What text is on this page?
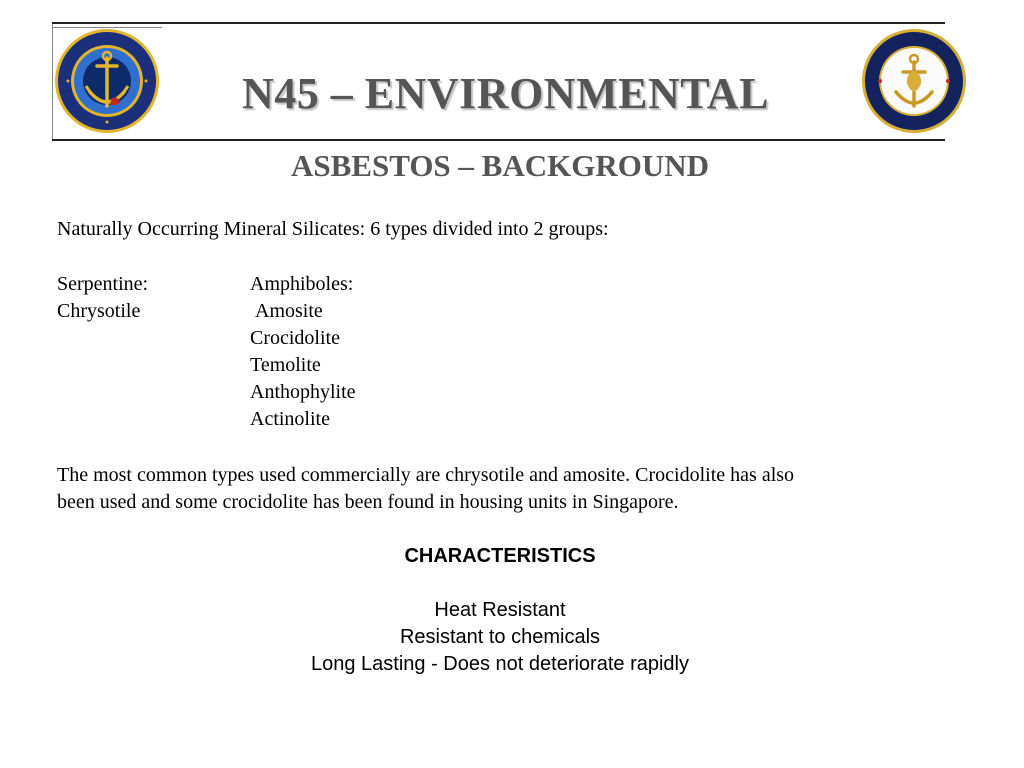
N45 – ENVIRONMENTAL
ASBESTOS – BACKGROUND
Naturally Occurring Mineral Silicates: 6 types divided into 2 groups:
Serpentine:
Chrysotile
Amphiboles:
Amosite
Crocidolite
Temolite
Anthophylite
Actinolite
The most common types used commercially are chrysotile and amosite. Crocidolite has also
been used and some crocidolite has been found in housing units in Singapore.
CHARACTERISTICS
Heat Resistant
Resistant to chemicals
Long Lasting - Does not deteriorate rapidly
